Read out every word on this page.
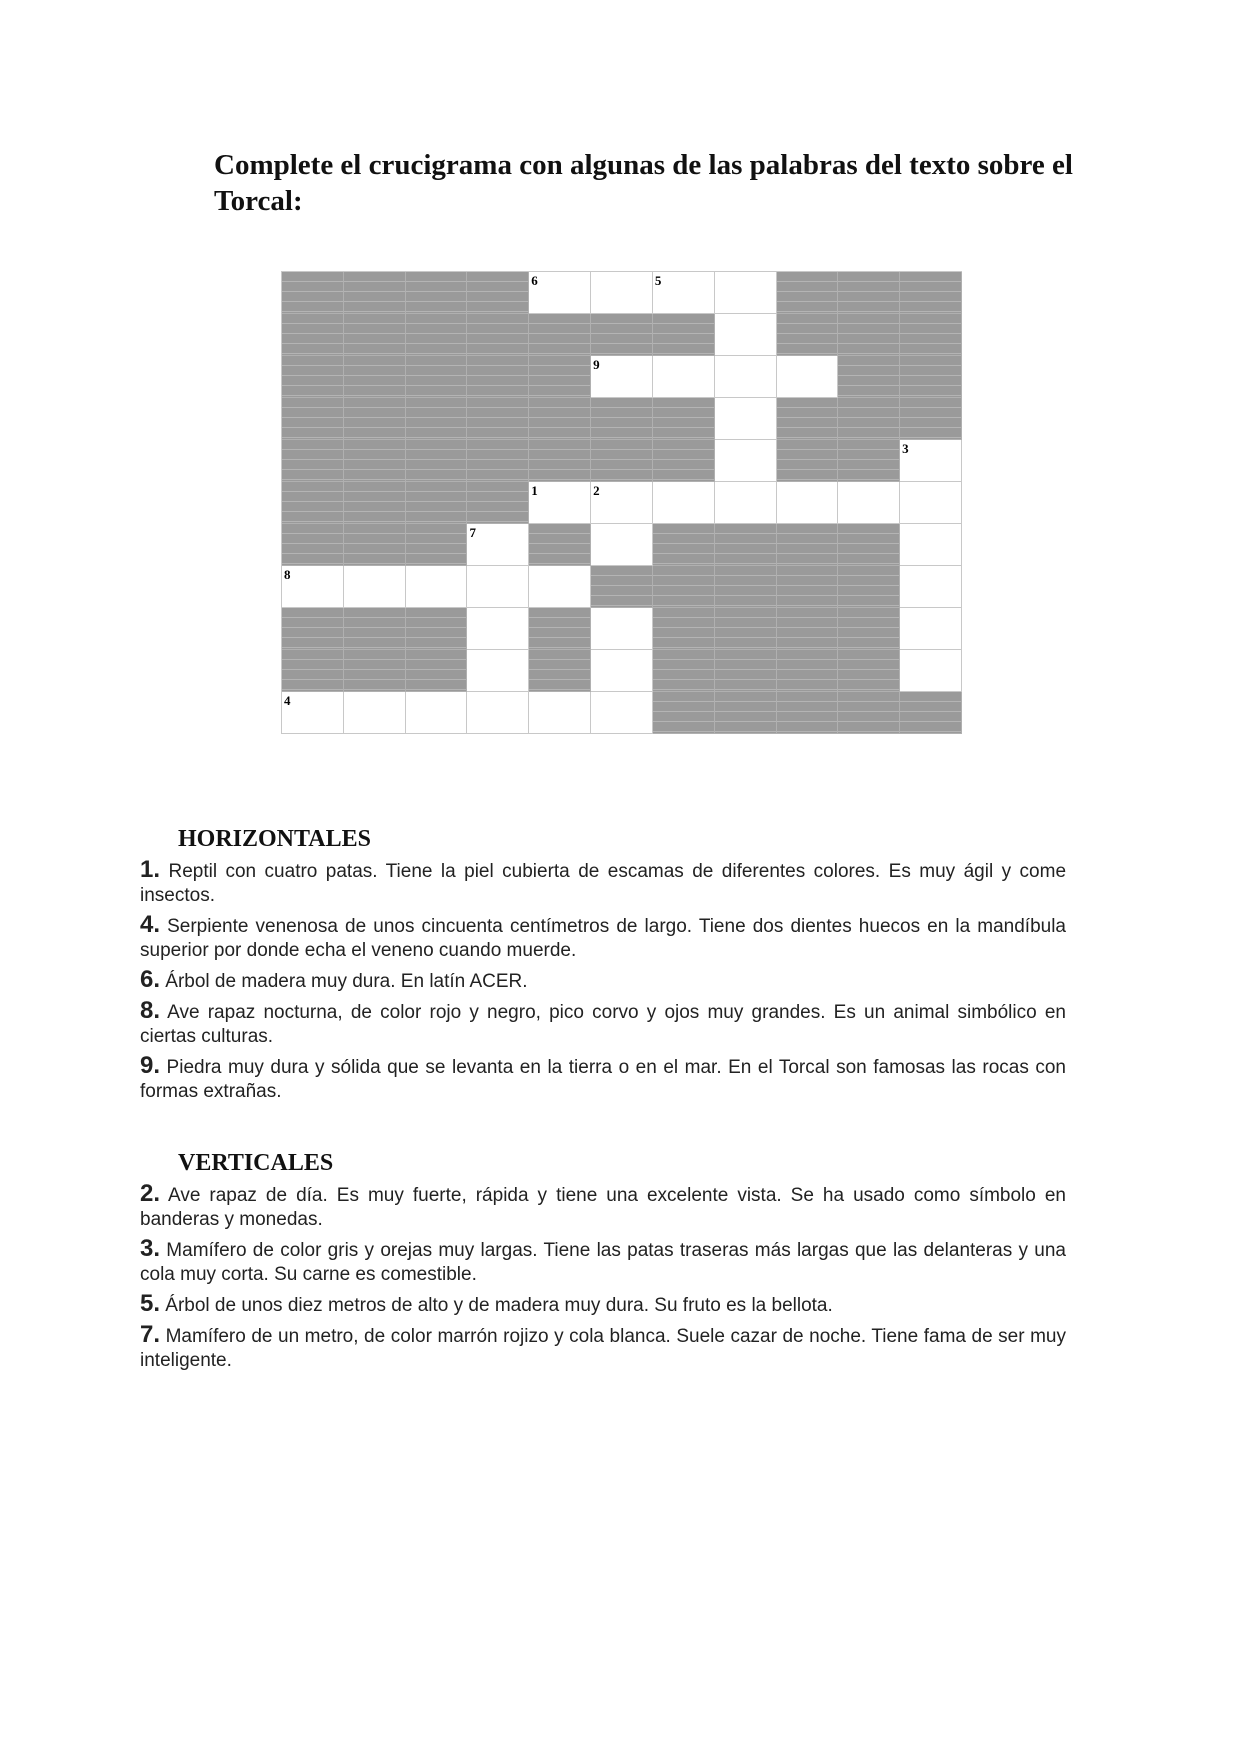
Complete el crucigrama con algunas de las palabras del texto sobre el Torcal:
6	5
9
3
1	2
7
8
4
HORIZONTALES

1. Reptil con cuatro patas. Tiene la piel cubierta de escamas de diferentes colores. Es muy ágil y come insectos.

4. Serpiente venenosa de unos cincuenta centímetros de largo. Tiene dos dientes huecos en la mandíbula superior por donde echa el veneno cuando muerde.

6. Árbol de madera muy dura. En latín ACER.

8. Ave rapaz nocturna, de color rojo y negro, pico corvo y ojos muy grandes. Es un animal simbólico en ciertas culturas.

9. Piedra muy dura y sólida que se levanta en la tierra o en el mar. En el Torcal son famosas las rocas con formas extrañas.

VERTICALES

2. Ave rapaz de día. Es muy fuerte, rápida y tiene una excelente vista. Se ha usado como símbolo en banderas y monedas.

3. Mamífero de color gris y orejas muy largas. Tiene las patas traseras más largas que las delanteras y una cola muy corta. Su carne es comestible.

5. Árbol de unos diez metros de alto y de madera muy dura. Su fruto es la bellota.

7. Mamífero de un metro, de color marrón rojizo y cola blanca. Suele cazar de noche. Tiene fama de ser muy inteligente.
